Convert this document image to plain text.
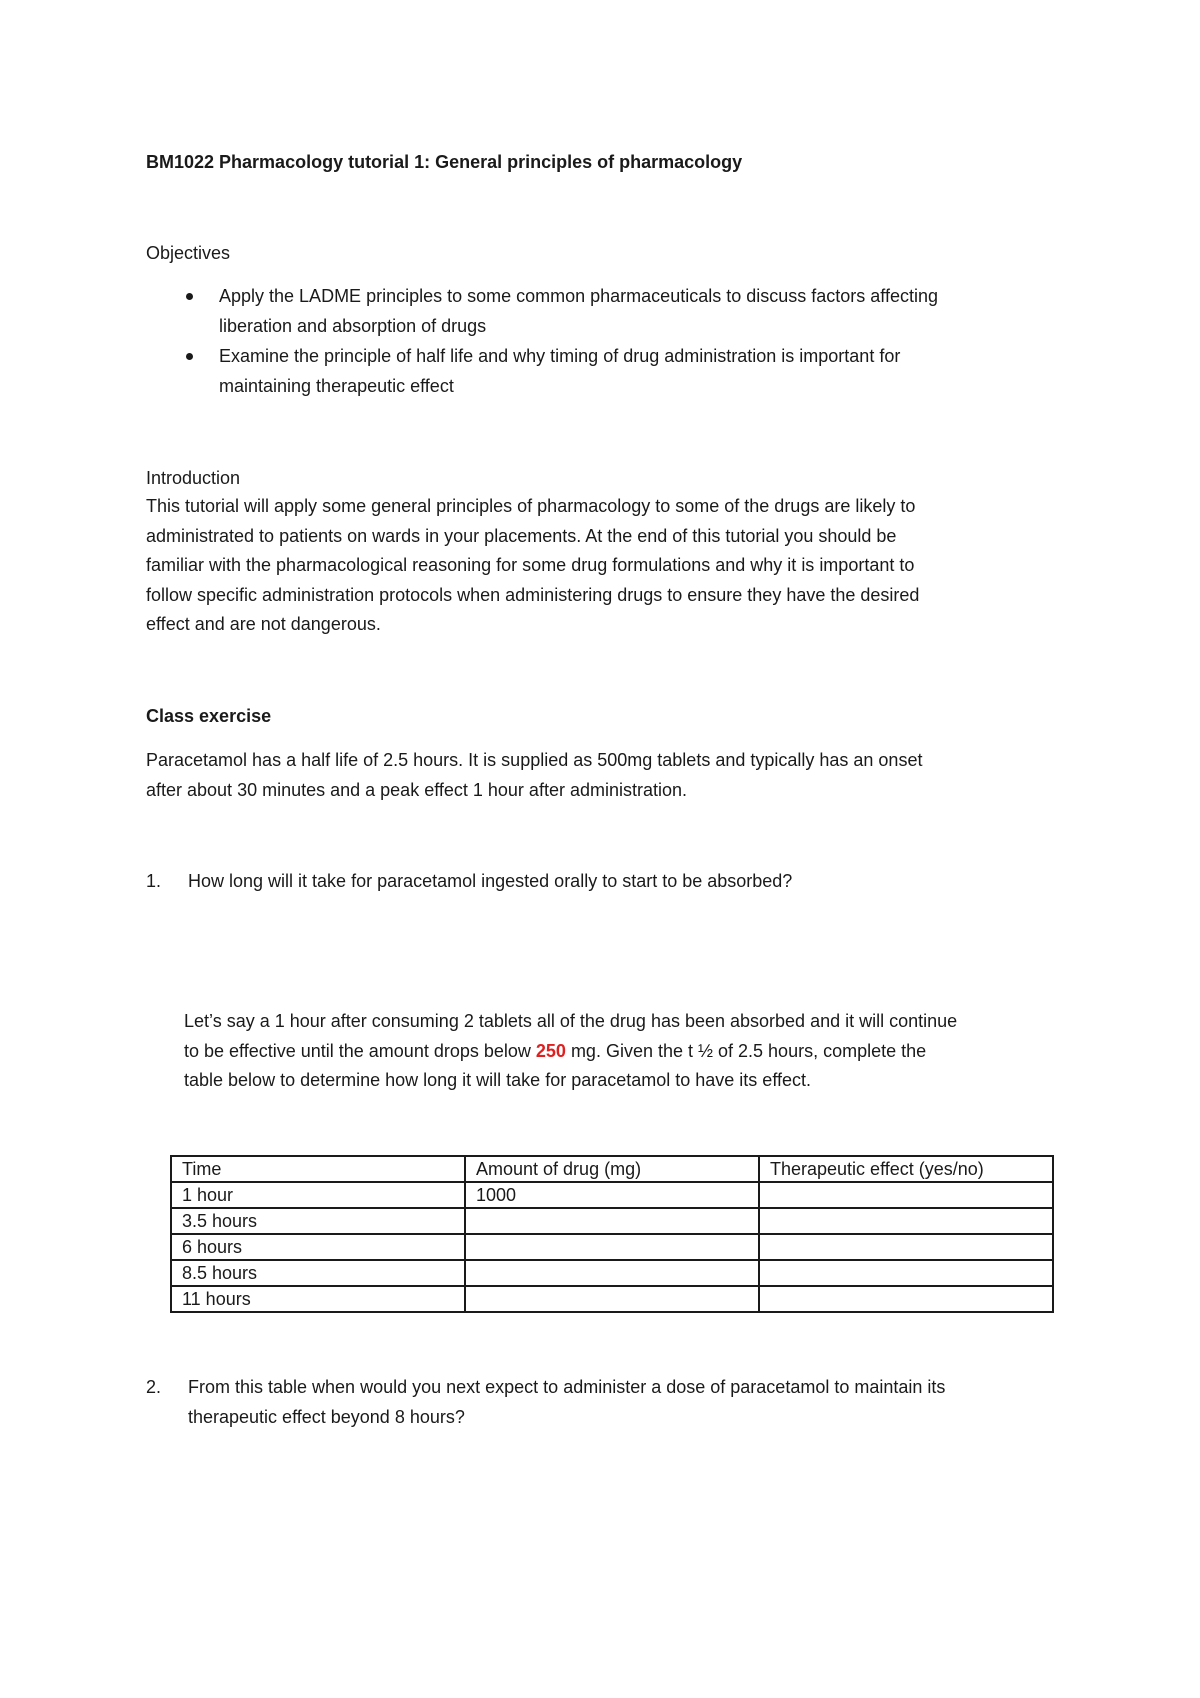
BM1022 Pharmacology tutorial 1: General principles of pharmacology
Objectives
Apply the LADME principles to some common pharmaceuticals to discuss factors affecting
liberation and absorption of drugs
Examine the principle of half life and why timing of drug administration is important for
maintaining therapeutic effect
Introduction

This tutorial will apply some general principles of pharmacology to some of the drugs are likely to

administrated to patients on wards in your placements. At the end of this tutorial you should be

familiar with the pharmacological reasoning for some drug formulations and why it is important to

follow specific administration protocols when administering drugs to ensure they have the desired

effect and are not dangerous.

Class exercise

Paracetamol has a half life of 2.5 hours. It is supplied as 500mg tablets and typically has an onset

after about 30 minutes and a peak effect 1 hour after administration.

1. How long will it take for paracetamol ingested orally to start to be absorbed?

Let’s say a 1 hour after consuming 2 tablets all of the drug has been absorbed and it will continue

to be effective until the amount drops below 250 mg. Given the t ½ of 2.5 hours, complete the

table below to determine how long it will take for paracetamol to have its effect.

Time	Amount of drug (mg)	Therapeutic effect (yes/no)
1 hour	1000	
3.5 hours		
6 hours		
8.5 hours		
11 hours		

2. From this table when would you next expect to administer a dose of paracetamol to maintain its

therapeutic effect beyond 8 hours?
